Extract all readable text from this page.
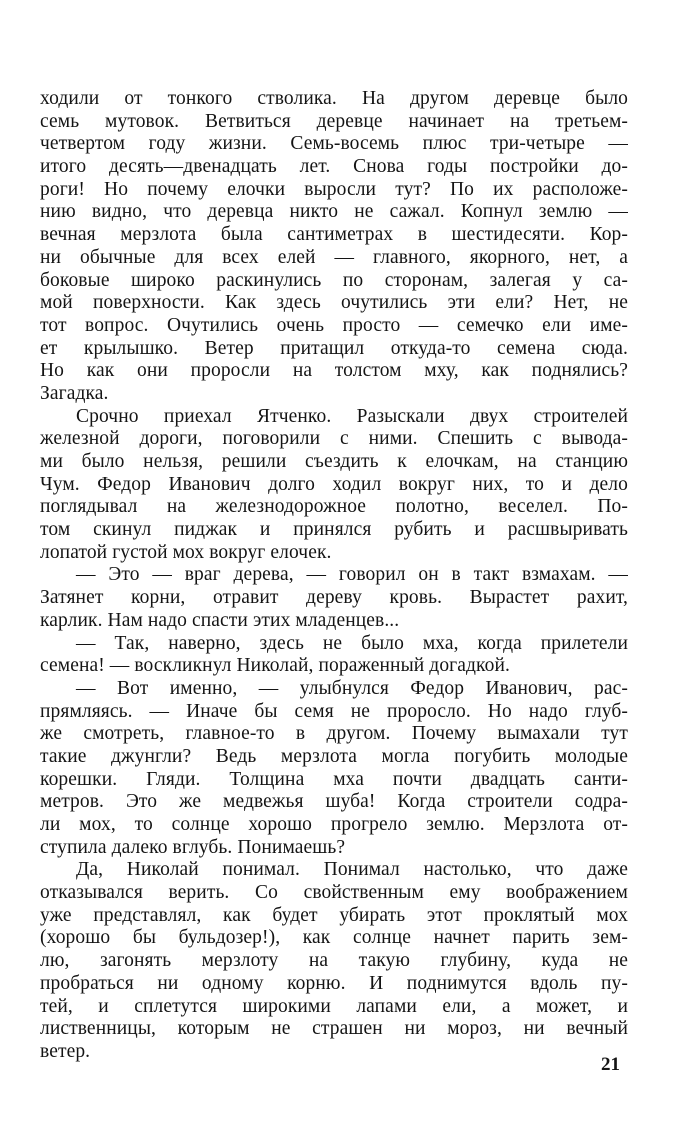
ходили от тонкого стволика. На другом деревце было
семь мутовок. Ветвиться деревце начинает на третьем-
четвертом году жизни. Семь-восемь плюс три-четыре —
итого десять—двенадцать лет. Снова годы постройки до-
роги! Но почему елочки выросли тут? По их расположе-
нию видно, что деревца никто не сажал. Копнул землю —
вечная мерзлота была сантиметрах в шестидесяти. Кор-
ни обычные для всех елей — главного, якорного, нет, а
боковые широко раскинулись по сторонам, залегая у са-
мой поверхности. Как здесь очутились эти ели? Нет, не
тот вопрос. Очутились очень просто — семечко ели име-
ет крылышко. Ветер притащил откуда-то семена сюда.
Но как они проросли на толстом мху, как поднялись?
Загадка.
Срочно приехал Ятченко. Разыскали двух строителей
железной дороги, поговорили с ними. Спешить с вывода-
ми было нельзя, решили съездить к елочкам, на станцию
Чум. Федор Иванович долго ходил вокруг них, то и дело
поглядывал на железнодорожное полотно, веселел. По-
том скинул пиджак и принялся рубить и расшвыривать
лопатой густой мох вокруг елочек.
— Это — враг дерева, — говорил он в такт взмахам. —
Затянет корни, отравит дереву кровь. Вырастет рахит,
карлик. Нам надо спасти этих младенцев...
— Так, наверно, здесь не было мха, когда прилетели
семена! — воскликнул Николай, пораженный догадкой.
— Вот именно, — улыбнулся Федор Иванович, рас-
прямляясь. — Иначе бы семя не проросло. Но надо глуб-
же смотреть, главное-то в другом. Почему вымахали тут
такие джунгли? Ведь мерзлота могла погубить молодые
корешки. Гляди. Толщина мха почти двадцать санти-
метров. Это же медвежья шуба! Когда строители содра-
ли мох, то солнце хорошо прогрело землю. Мерзлота от-
ступила далеко вглубь. Понимаешь?
Да, Николай понимал. Понимал настолько, что даже
отказывался верить. Со свойственным ему воображением
уже представлял, как будет убирать этот проклятый мох
(хорошо бы бульдозер!), как солнце начнет парить зем-
лю, загонять мерзлоту на такую глубину, куда не
пробраться ни одному корню. И поднимутся вдоль пу-
тей, и сплетутся широкими лапами ели, а может, и
лиственницы, которым не страшен ни мороз, ни вечный
ветер.
21
